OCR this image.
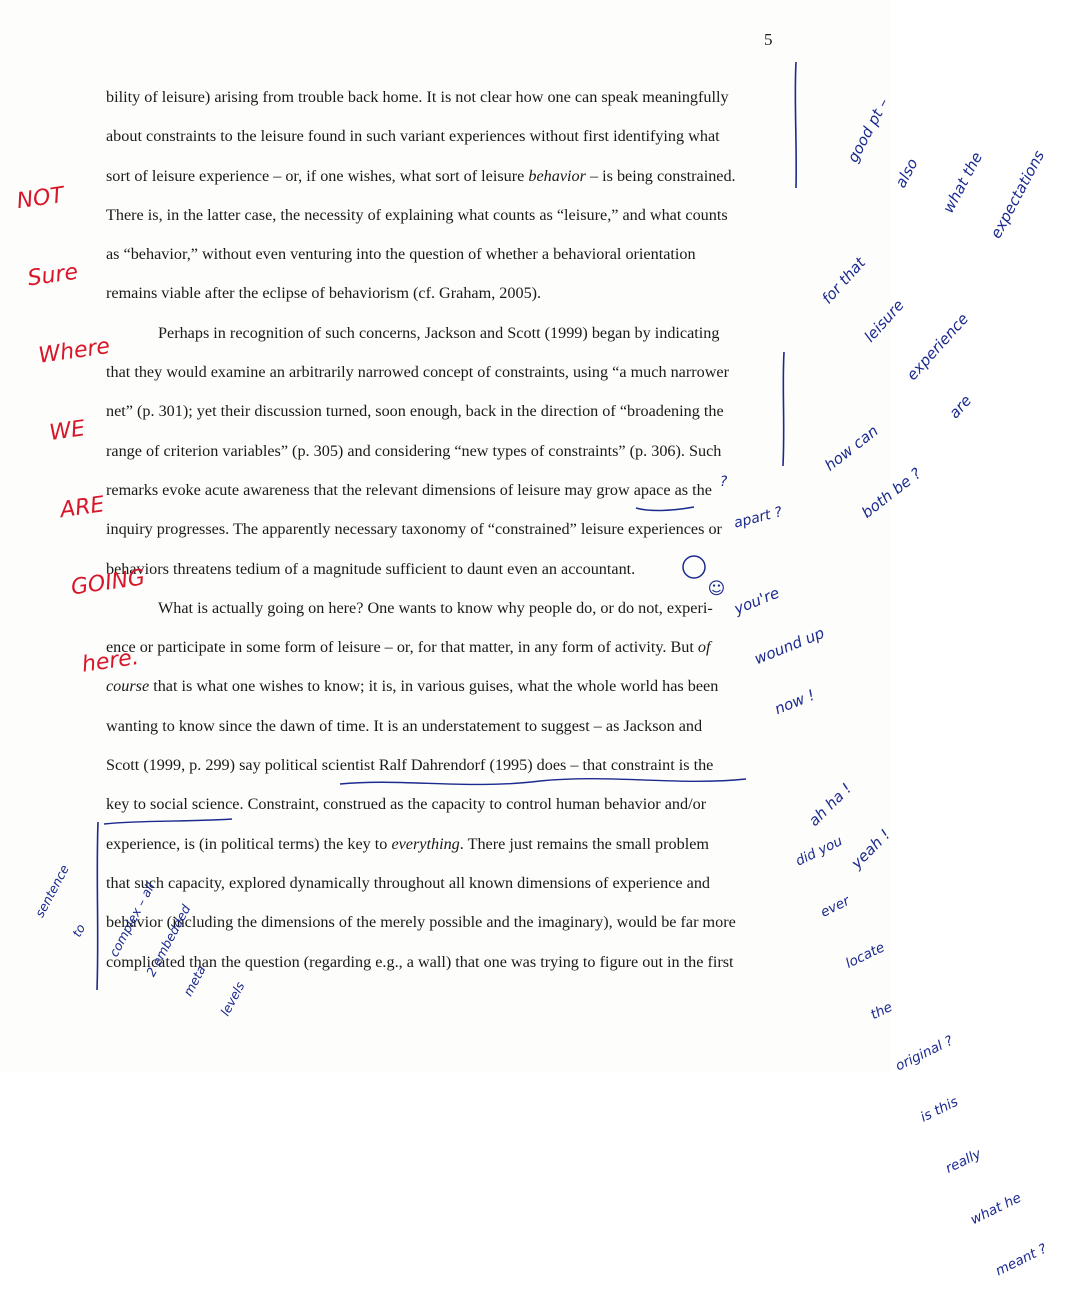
5
bility of leisure) arising from trouble back home. It is not clear how one can speak meaningfully
about constraints to the leisure found in such variant experiences without first identifying what
sort of leisure experience – or, if one wishes, what sort of leisure behavior – is being constrained.
There is, in the latter case, the necessity of explaining what counts as “leisure,” and what counts
as “behavior,” without even venturing into the question of whether a behavioral orientation
remains viable after the eclipse of behaviorism (cf. Graham, 2005).
Perhaps in recognition of such concerns, Jackson and Scott (1999) began by indicating
that they would examine an arbitrarily narrowed concept of constraints, using “a much narrower
net” (p. 301); yet their discussion turned, soon enough, back in the direction of “broadening the
range of criterion variables” (p. 305) and considering “new types of constraints” (p. 306). Such
remarks evoke acute awareness that the relevant dimensions of leisure may grow apace as the
inquiry progresses. The apparently necessary taxonomy of “constrained” leisure experiences or
behaviors threatens tedium of a magnitude sufficient to daunt even an accountant.
What is actually going on here? One wants to know why people do, or do not, experi-
ence or participate in some form of leisure – or, for that matter, in any form of activity. But of
course that is what one wishes to know; it is, in various guises, what the whole world has been
wanting to know since the dawn of time. It is an understatement to suggest – as Jackson and
Scott (1999, p. 299) say political scientist Ralf Dahrendorf (1995) does – that constraint is the
key to social science. Constraint, construed as the capacity to control human behavior and/or
experience, is (in political terms) the key to everything. There just remains the small problem
that such capacity, explored dynamically throughout all known dimensions of experience and
behavior (including the dimensions of the merely possible and the imaginary), would be far more
complicated than the question (regarding e.g., a wall) that one was trying to figure out in the first

NOT

Sure

Where

WE

ARE

GOING

here.

good pt –

also

	what the

expectations

for that

leisure

experience

are

how can

both be ?

apart ?

?

☺

you're

wound up

now !

ah ha !

yeah !

did you

ever

locate

the

original ?

is this

really

what he

meant ?

sentence

to

	complex – all

2 embedded

meta

levels
